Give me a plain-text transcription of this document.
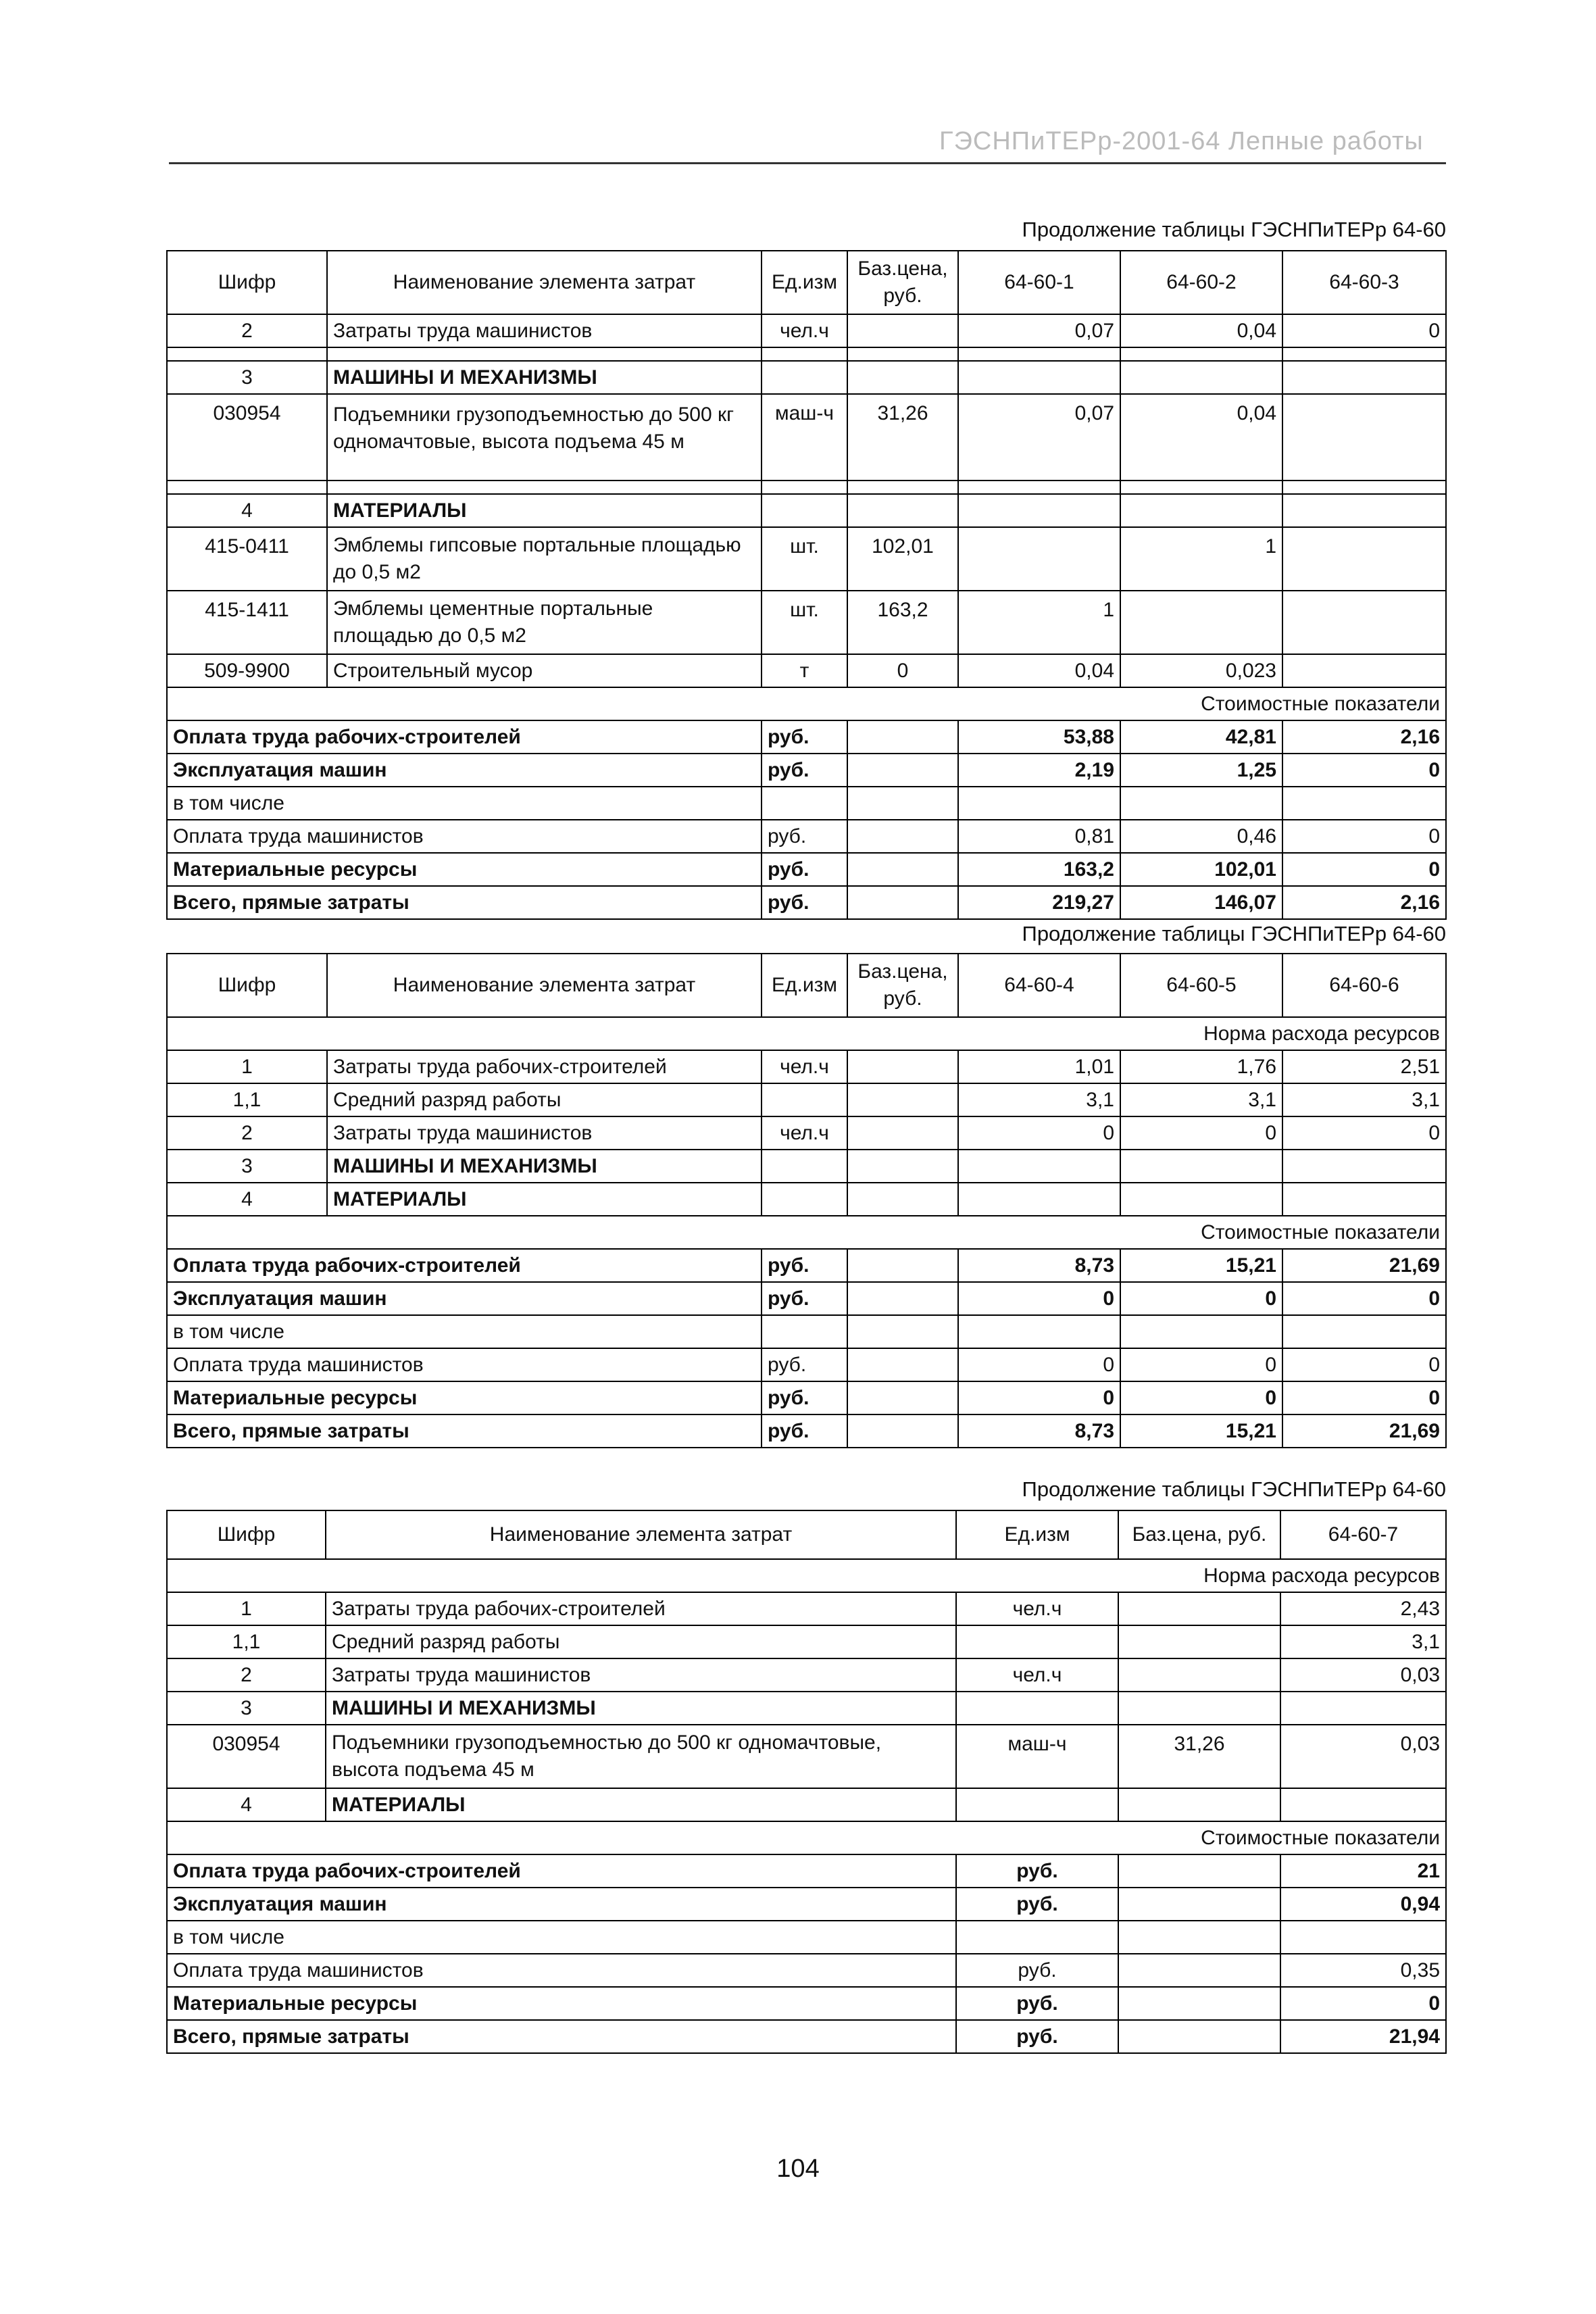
ГЭСНПиТЕРр-2001-64 Лепные работы
Продолжение таблицы ГЭСНПиТЕРр 64-60
Шифр	Наименование элемента затрат	Ед.изм	Баз.цена, руб.	64-60-1	64-60-2	64-60-3
2	Затраты труда машинистов	чел.ч		0,07	0,04	0

3	МАШИНЫ И МЕХАНИЗМЫ					
030954	Подъемники грузоподъемностью до 500 кг одномачтовые, высота подъема 45 м	маш-ч	31,26	0,07	0,04	

4	МАТЕРИАЛЫ					
415-0411	Эмблемы гипсовые портальные площадью до 0,5 м2	шт.	102,01		1	
415-1411	Эмблемы цементные портальные площадью до 0,5 м2	шт.	163,2	1		
509-9900	Строительный мусор	т	0	0,04	0,023	
Стоимостные показатели						
Оплата труда рабочих-строителей		руб.		53,88	42,81	2,16
Эксплуатация машин		руб.		2,19	1,25	0
в том числе						
Оплата труда машинистов		руб.		0,81	0,46	0
Материальные ресурсы		руб.		163,2	102,01	0
Всего, прямые затраты		руб.		219,27	146,07	2,16
Продолжение таблицы ГЭСНПиТЕРр 64-60
Шифр	Наименование элемента затрат	Ед.изм	Баз.цена, руб.	64-60-4	64-60-5	64-60-6
Норма расхода ресурсов						
1	Затраты труда рабочих-строителей	чел.ч		1,01	1,76	2,51
1,1	Средний разряд работы			3,1	3,1	3,1
2	Затраты труда машинистов	чел.ч		0	0	0
3	МАШИНЫ И МЕХАНИЗМЫ					
4	МАТЕРИАЛЫ					
Стоимостные показатели						
Оплата труда рабочих-строителей		руб.		8,73	15,21	21,69
Эксплуатация машин		руб.		0	0	0
в том числе						
Оплата труда машинистов		руб.		0	0	0
Материальные ресурсы		руб.		0	0	0
Всего, прямые затраты		руб.		8,73	15,21	21,69
Продолжение таблицы ГЭСНПиТЕРр 64-60
Шифр	Наименование элемента затрат	Ед.изм	Баз.цена, руб.	64-60-7
Норма расхода ресурсов				
1	Затраты труда рабочих-строителей	чел.ч		2,43
1,1	Средний разряд работы			3,1
2	Затраты труда машинистов	чел.ч		0,03
3	МАШИНЫ И МЕХАНИЗМЫ			
030954	Подъемники грузоподъемностью до 500 кг одномачтовые, высота подъема 45 м	маш-ч	31,26	0,03
4	МАТЕРИАЛЫ			
Стоимостные показатели				
Оплата труда рабочих-строителей		руб.		21
Эксплуатация машин		руб.		0,94
в том числе				
Оплата труда машинистов		руб.		0,35
Материальные ресурсы		руб.		0
Всего, прямые затраты		руб.		21,94
104
